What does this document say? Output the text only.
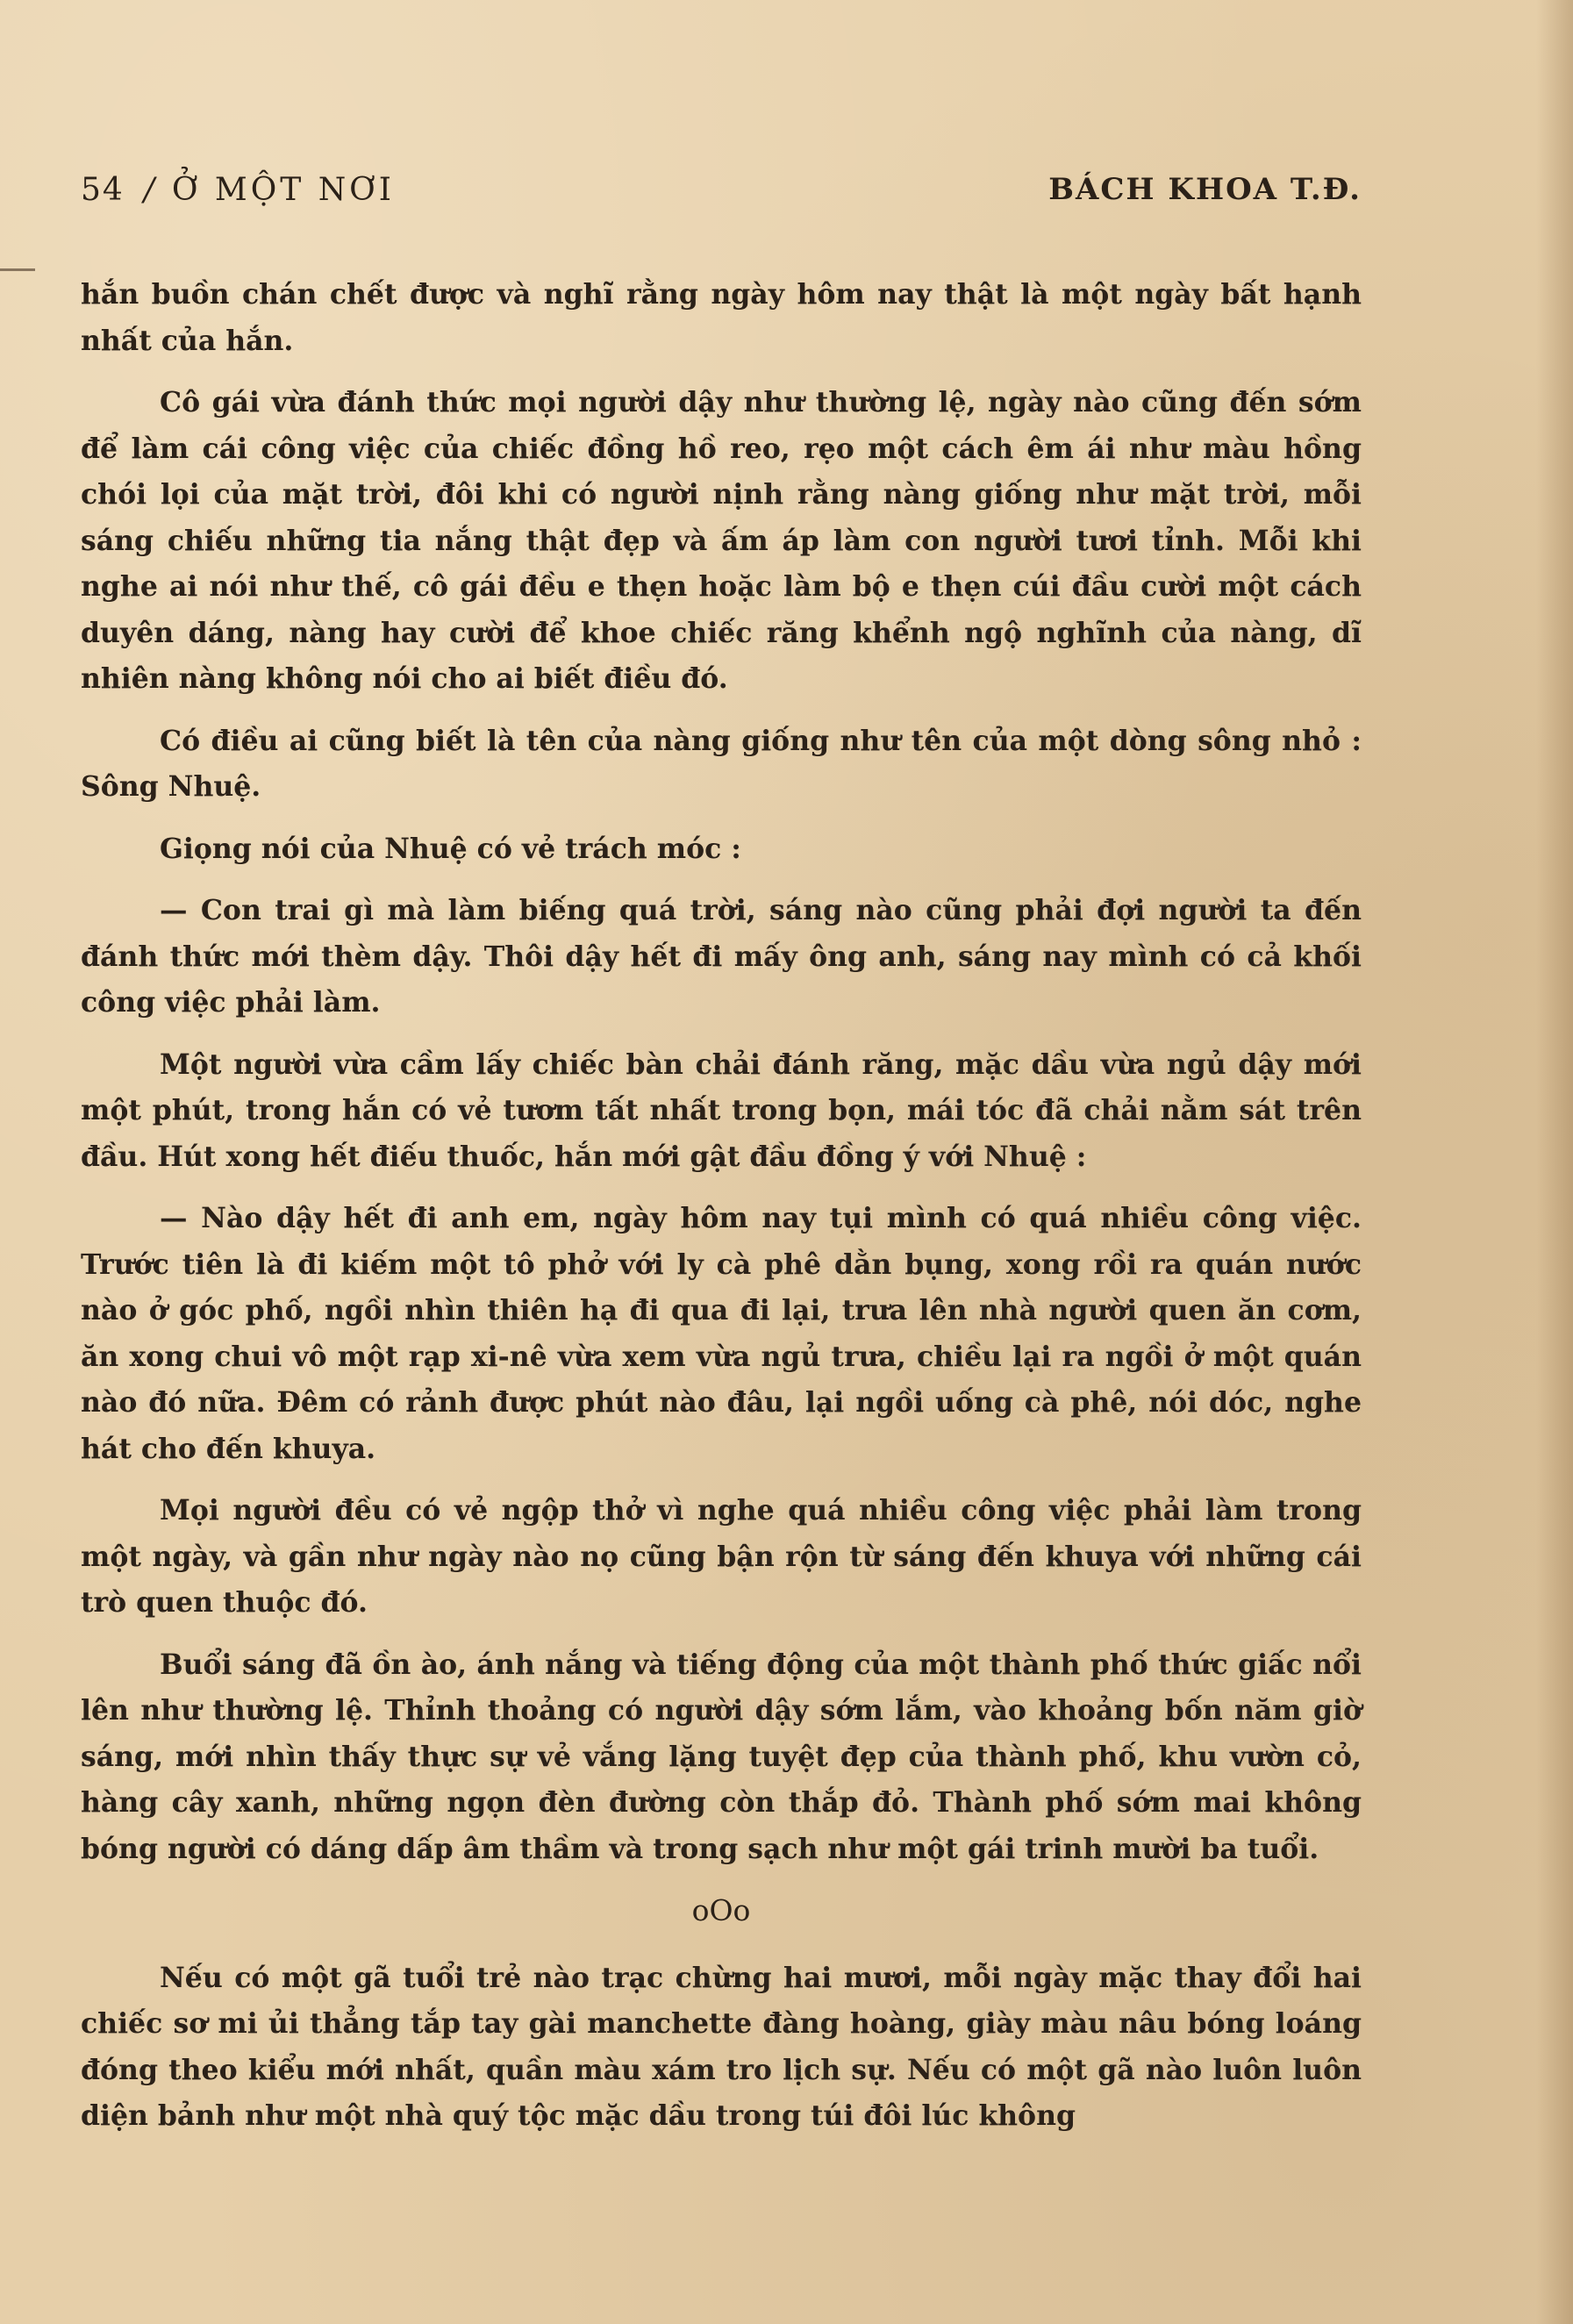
54 / Ở MỘT NƠI	BÁCH KHOA T.Đ.

hắn buồn chán chết được và nghĩ rằng ngày hôm nay thật là một ngày bất hạnh nhất của hắn.

Cô gái vừa đánh thức mọi người dậy như thường lệ, ngày nào cũng đến sớm để làm cái công việc của chiếc đồng hồ reo, rẹo một cách êm ái như màu hồng chói lọi của mặt trời, đôi khi có người nịnh rằng nàng giống như mặt trời, mỗi sáng chiếu những tia nắng thật đẹp và ấm áp làm con người tươi tỉnh. Mỗi khi nghe ai nói như thế, cô gái đều e thẹn hoặc làm bộ e thẹn cúi đầu cười một cách duyên dáng, nàng hay cười để khoe chiếc răng khểnh ngộ nghĩnh của nàng, dĩ nhiên nàng không nói cho ai biết điều đó.

Có điều ai cũng biết là tên của nàng giống như tên của một dòng sông nhỏ : Sông Nhuệ.

Giọng nói của Nhuệ có vẻ trách móc :

— Con trai gì mà làm biếng quá trời, sáng nào cũng phải đợi người ta đến đánh thức mới thèm dậy. Thôi dậy hết đi mấy ông anh, sáng nay mình có cả khối công việc phải làm.

Một người vừa cầm lấy chiếc bàn chải đánh răng, mặc dầu vừa ngủ dậy mới một phút, trong hắn có vẻ tươm tất nhất trong bọn, mái tóc đã chải nằm sát trên đầu. Hút xong hết điếu thuốc, hắn mới gật đầu đồng ý với Nhuệ :

— Nào dậy hết đi anh em, ngày hôm nay tụi mình có quá nhiều công việc. Trước tiên là đi kiếm một tô phở với ly cà phê dằn bụng, xong rồi ra quán nước nào ở góc phố, ngồi nhìn thiên hạ đi qua đi lại, trưa lên nhà người quen ăn cơm, ăn xong chui vô một rạp xi-nê vừa xem vừa ngủ trưa, chiều lại ra ngồi ở một quán nào đó nữa. Đêm có rảnh được phút nào đâu, lại ngồi uống cà phê, nói dóc, nghe hát cho đến khuya.

Mọi người đều có vẻ ngộp thở vì nghe quá nhiều công việc phải làm trong một ngày, và gần như ngày nào nọ cũng bận rộn từ sáng đến khuya với những cái trò quen thuộc đó.

Buổi sáng đã ồn ào, ánh nắng và tiếng động của một thành phố thức giấc nổi lên như thường lệ. Thỉnh thoảng có người dậy sớm lắm, vào khoảng bốn năm giờ sáng, mới nhìn thấy thực sự vẻ vắng lặng tuyệt đẹp của thành phố, khu vườn cỏ, hàng cây xanh, những ngọn đèn đường còn thắp đỏ. Thành phố sớm mai không bóng người có dáng dấp âm thầm và trong sạch như một gái trinh mười ba tuổi.

oOo

Nếu có một gã tuổi trẻ nào trạc chừng hai mươi, mỗi ngày mặc thay đổi hai chiếc sơ mi ủi thẳng tắp tay gài manchette đàng hoàng, giày màu nâu bóng loáng đóng theo kiểu mới nhất, quần màu xám tro lịch sự. Nếu có một gã nào luôn luôn diện bảnh như một nhà quý tộc mặc dầu trong túi đôi lúc không
